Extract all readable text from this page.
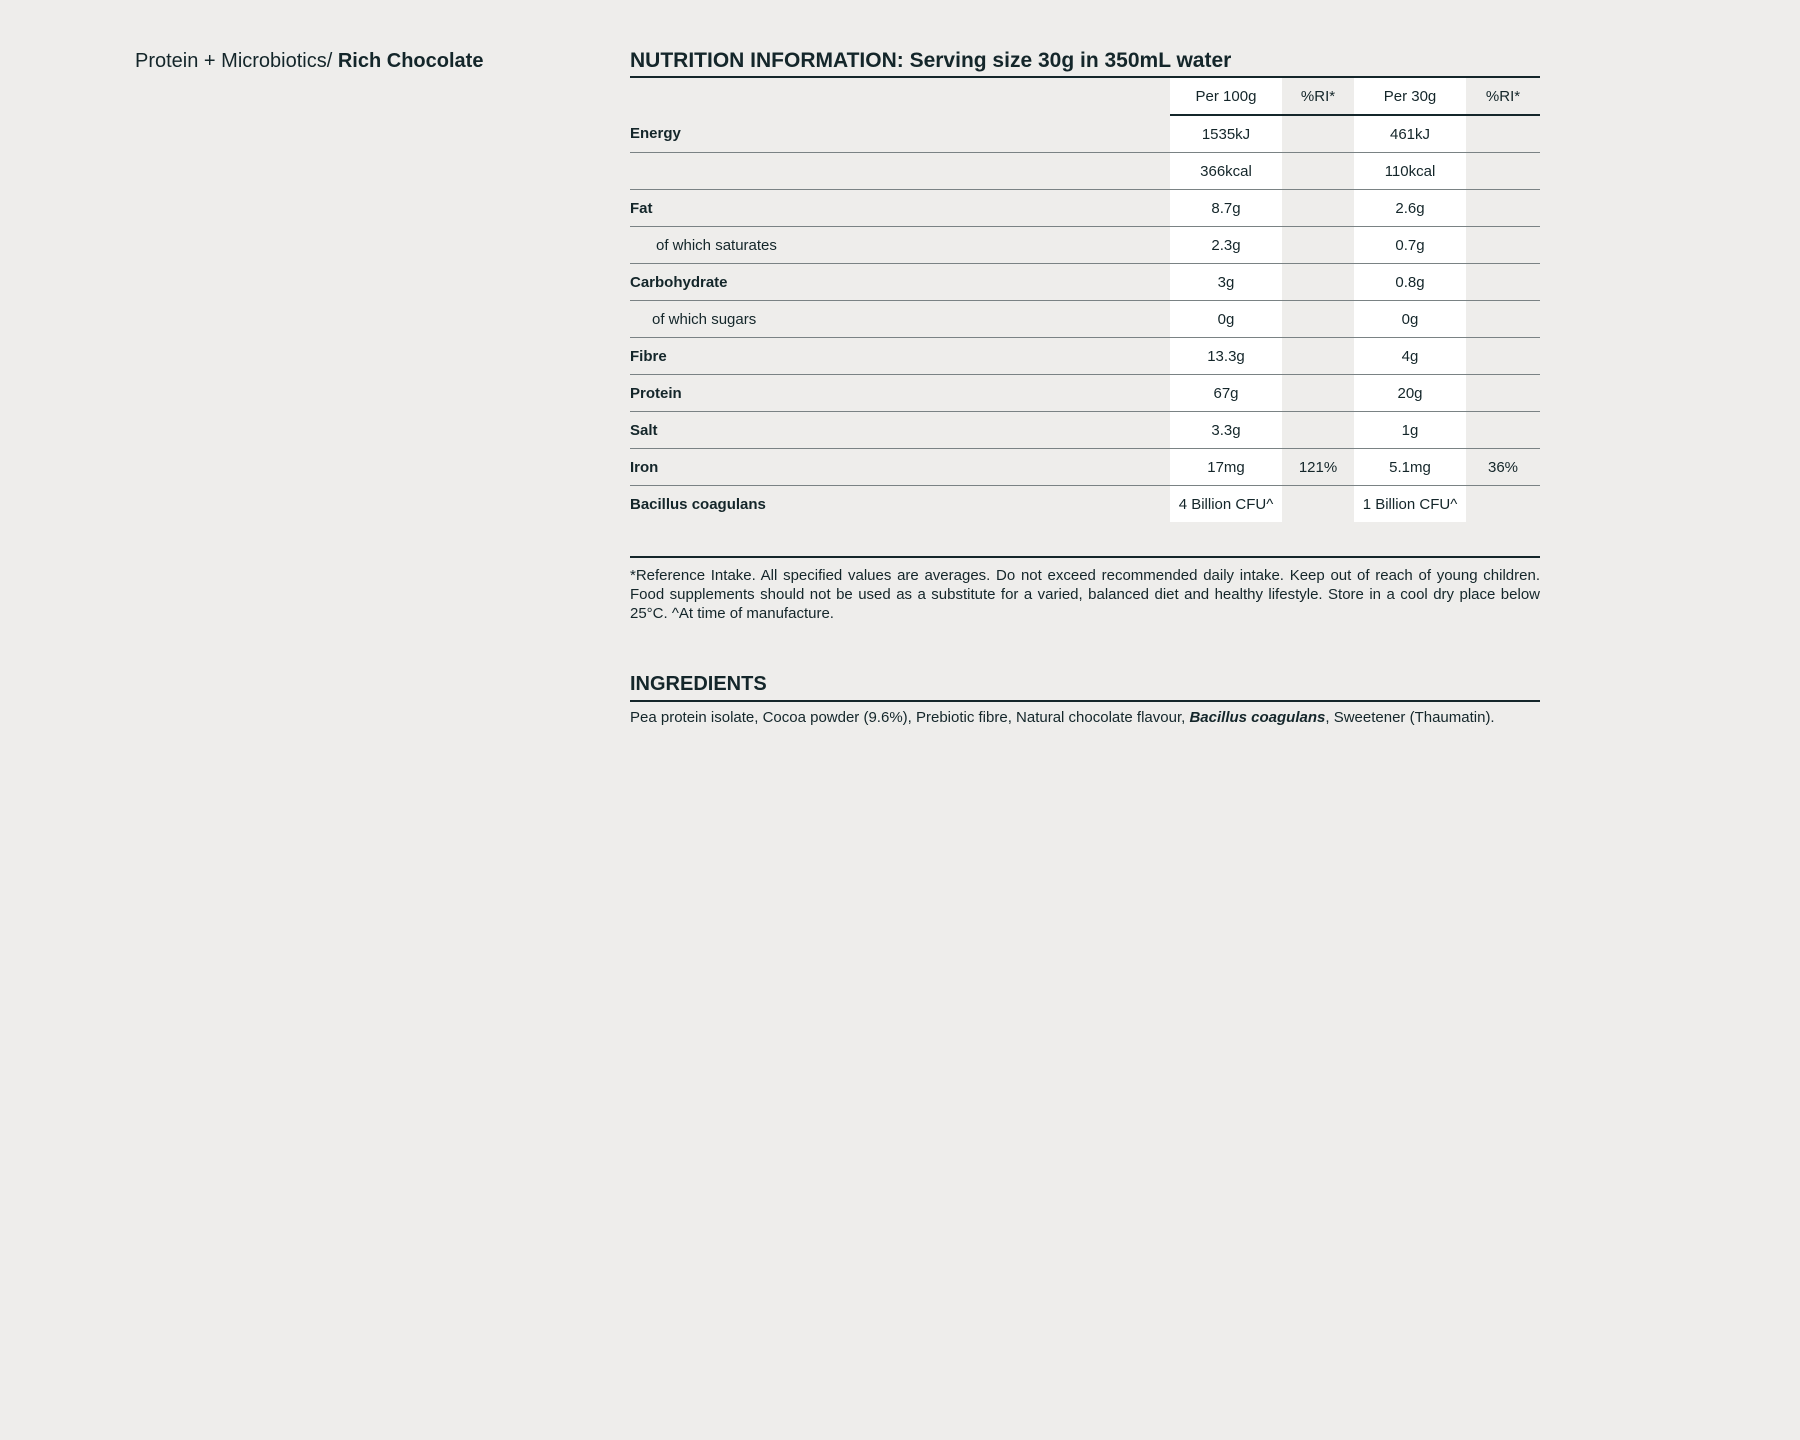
Protein + Microbiotics/ Rich Chocolate	NUTRITION INFORMATION: Serving size 30g in 350mL water
	Per 100g	%RI*	Per 30g	%RI*
Energy	1535kJ		461kJ	
	366kcal		110kcal	
Fat	8.7g		2.6g	
of which saturates	2.3g		0.7g	
Carbohydrate	3g		0.8g	
of which sugars	0g		0g	
Fibre	13.3g		4g	
Protein	67g		20g	
Salt	3.3g		1g	
Iron	17mg	121%	5.1mg	36%
Bacillus coagulans	4 Billion CFU^		1 Billion CFU^	

*Reference Intake. All specified values are averages. Do not exceed recommended daily intake. Keep out of reach of young children. Food supplements should not be used as a substitute for a varied, balanced diet and healthy lifestyle. Store in a cool dry place below 25°C. ^At time of manufacture.

INGREDIENTS

Pea protein isolate, Cocoa powder (9.6%), Prebiotic fibre, Natural chocolate flavour, Bacillus coagulans, Sweetener (Thaumatin).
